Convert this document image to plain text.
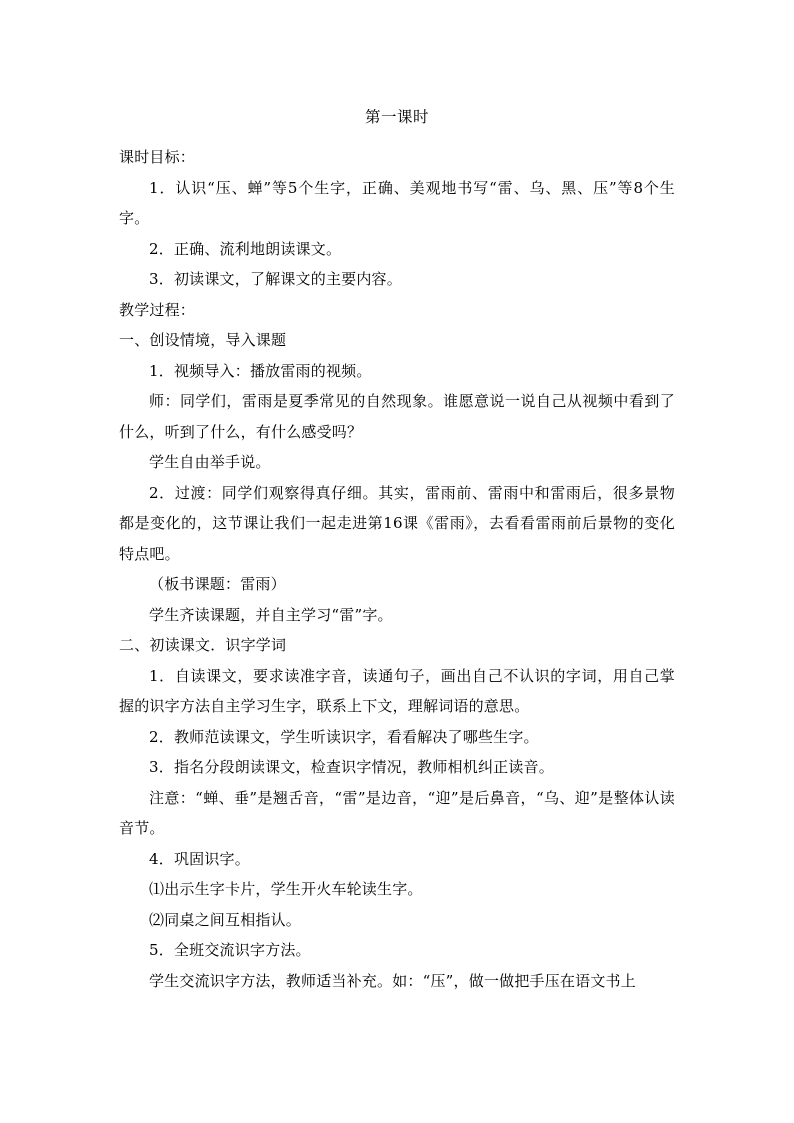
第一课时

课时目标：

1．认识“压、蝉”等5个生字，正确、美观地书写“雷、乌、黑、压”等8个生字。

2．正确、流利地朗读课文。

3．初读课文，了解课文的主要内容。

教学过程：

一、创设情境，导入课题

1．视频导入：播放雷雨的视频。

师：同学们，雷雨是夏季常见的自然现象。谁愿意说一说自己从视频中看到了什么，听到了什么，有什么感受吗？

学生自由举手说。

2．过渡：同学们观察得真仔细。其实，雷雨前、雷雨中和雷雨后，很多景物都是变化的，这节课让我们一起走进第16课《雷雨》，去看看雷雨前后景物的变化特点吧。

（板书课题：雷雨）

学生齐读课题，并自主学习“雷”字。

二、初读课文．识字学词

1．自读课文，要求读准字音，读通句子，画出自己不认识的字词，用自己掌握的识字方法自主学习生字，联系上下文，理解词语的意思。

2．教师范读课文，学生听读识字，看看解决了哪些生字。

3．指名分段朗读课文，检查识字情况，教师相机纠正读音。

注意：“蝉、垂”是翘舌音，“雷”是边音，“迎”是后鼻音，“乌、迎”是整体认读音节。

4．巩固识字。

⑴出示生字卡片，学生开火车轮读生字。

⑵同桌之间互相指认。

5．全班交流识字方法。

学生交流识字方法，教师适当补充。如：“压”，做一做把手压在语文书上
